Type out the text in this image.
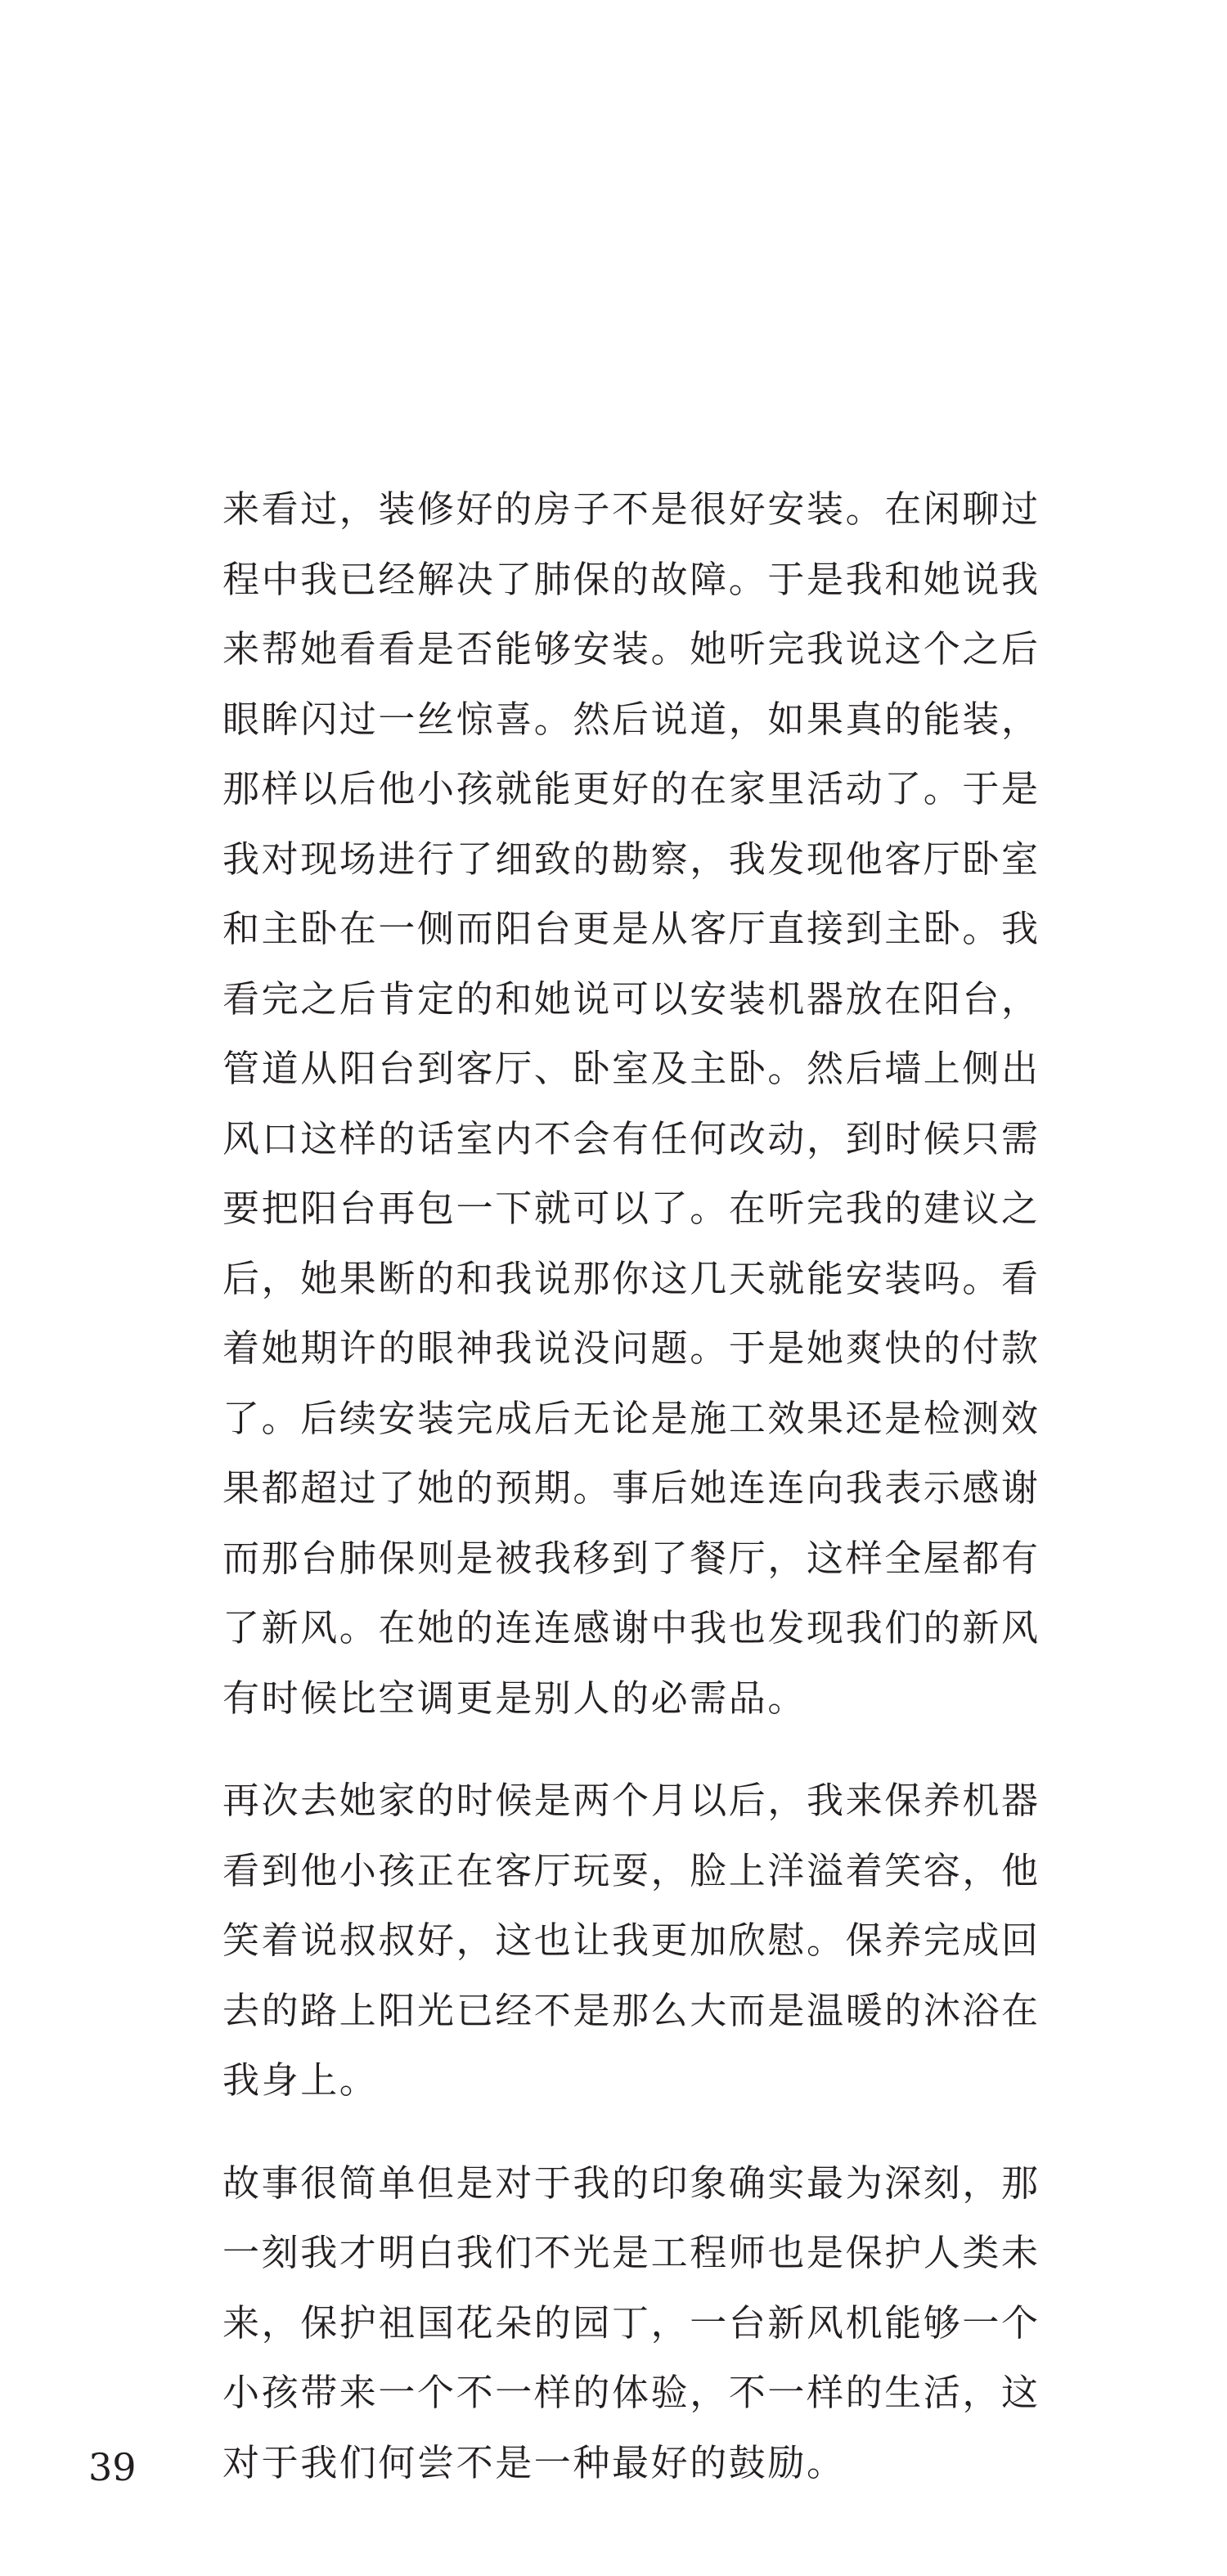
来看过，装修好的房子不是很好安装。在闲聊过
程中我已经解决了肺保的故障。于是我和她说我
来帮她看看是否能够安装。她听完我说这个之后
眼眸闪过一丝惊喜。然后说道，如果真的能装，
那样以后他小孩就能更好的在家里活动了。于是
我对现场进行了细致的勘察，我发现他客厅卧室
和主卧在一侧而阳台更是从客厅直接到主卧。我
看完之后肯定的和她说可以安装机器放在阳台，
管道从阳台到客厅、卧室及主卧。然后墙上侧出
风口这样的话室内不会有任何改动，到时候只需
要把阳台再包一下就可以了。在听完我的建议之
后，她果断的和我说那你这几天就能安装吗。看
着她期许的眼神我说没问题。于是她爽快的付款
了。后续安装完成后无论是施工效果还是检测效
果都超过了她的预期。事后她连连向我表示感谢
而那台肺保则是被我移到了餐厅，这样全屋都有
了新风。在她的连连感谢中我也发现我们的新风
有时候比空调更是别人的必需品。

再次去她家的时候是两个月以后，我来保养机器
看到他小孩正在客厅玩耍，脸上洋溢着笑容，他
笑着说叔叔好，这也让我更加欣慰。保养完成回
去的路上阳光已经不是那么大而是温暖的沐浴在
我身上。

故事很简单但是对于我的印象确实最为深刻，那
一刻我才明白我们不光是工程师也是保护人类未
来，保护祖国花朵的园丁，一台新风机能够一个
小孩带来一个不一样的体验，不一样的生活，这
对于我们何尝不是一种最好的鼓励。

39
